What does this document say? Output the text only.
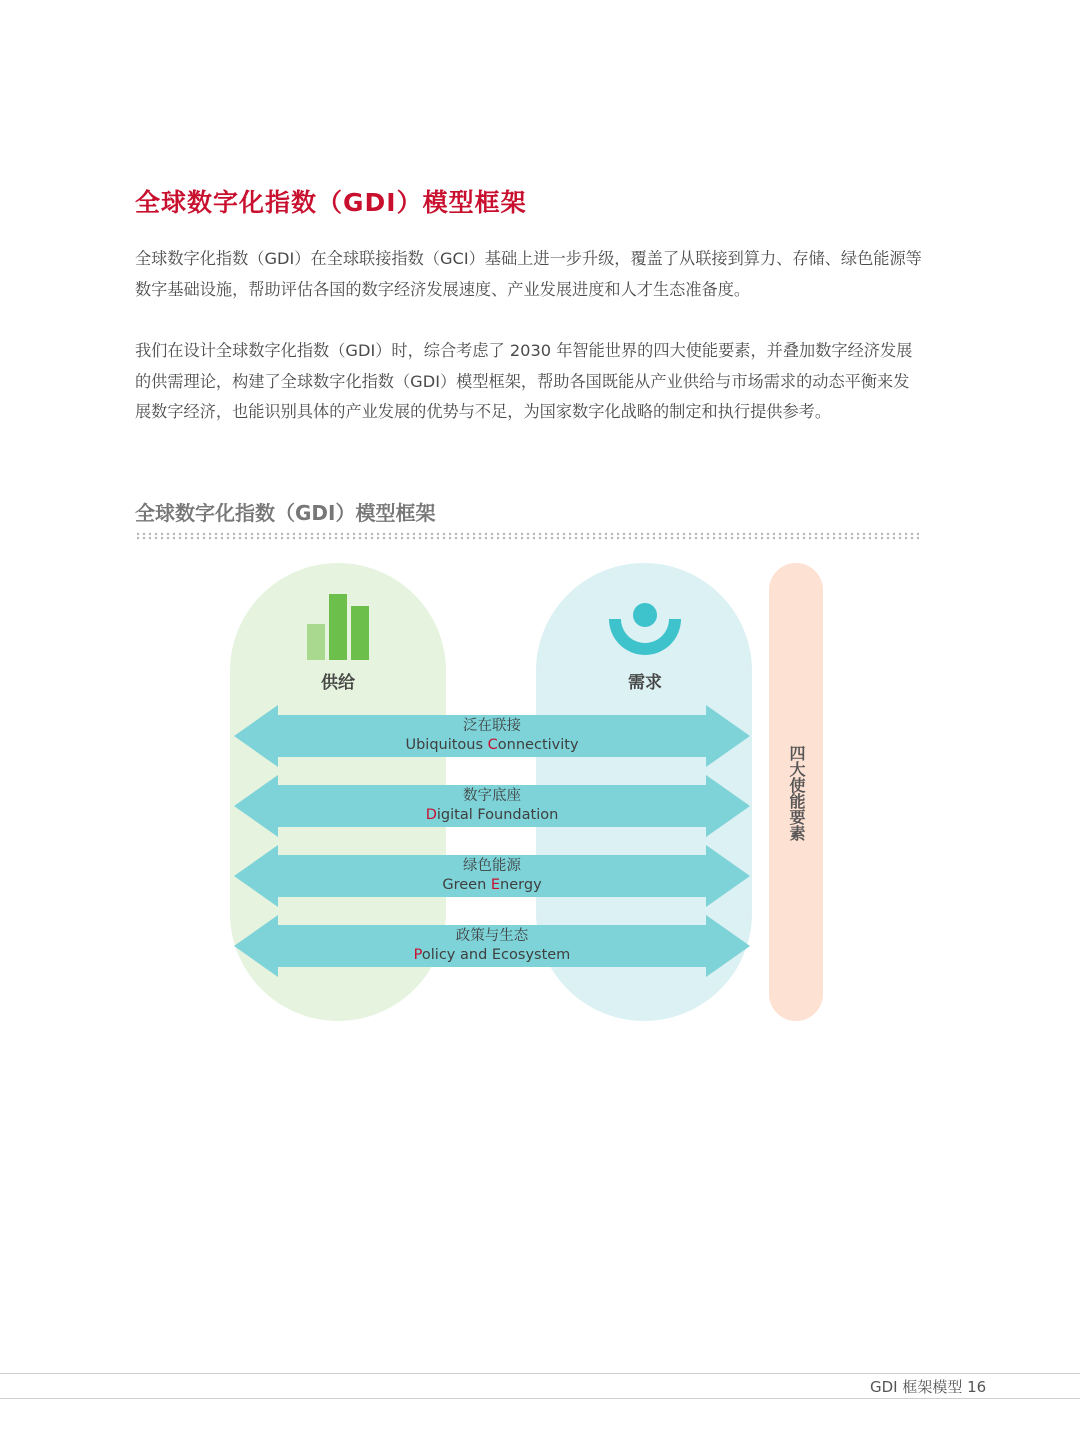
全球数字化指数（GDI）模型框架
全球数字化指数（GDI）在全球联接指数（GCI）基础上进一步升级，覆盖了从联接到算力、存储、绿色能源等数字基础设施，帮助评估各国的数字经济发展速度、产业发展进度和人才生态准备度。
我们在设计全球数字化指数（GDI）时，综合考虑了 2030 年智能世界的四大使能要素，并叠加数字经济发展的供需理论，构建了全球数字化指数（GDI）模型框架，帮助各国既能从产业供给与市场需求的动态平衡来发展数字经济，也能识别具体的产业发展的优势与不足，为国家数字化战略的制定和执行提供参考。
全球数字化指数（GDI）模型框架
四大使能要素
供给	需求
泛在联接
Ubiquitous Connectivity
数字底座
Digital Foundation
绿色能源
Green Energy
政策与生态
Policy and Ecosystem
GDI 框架模型 16
